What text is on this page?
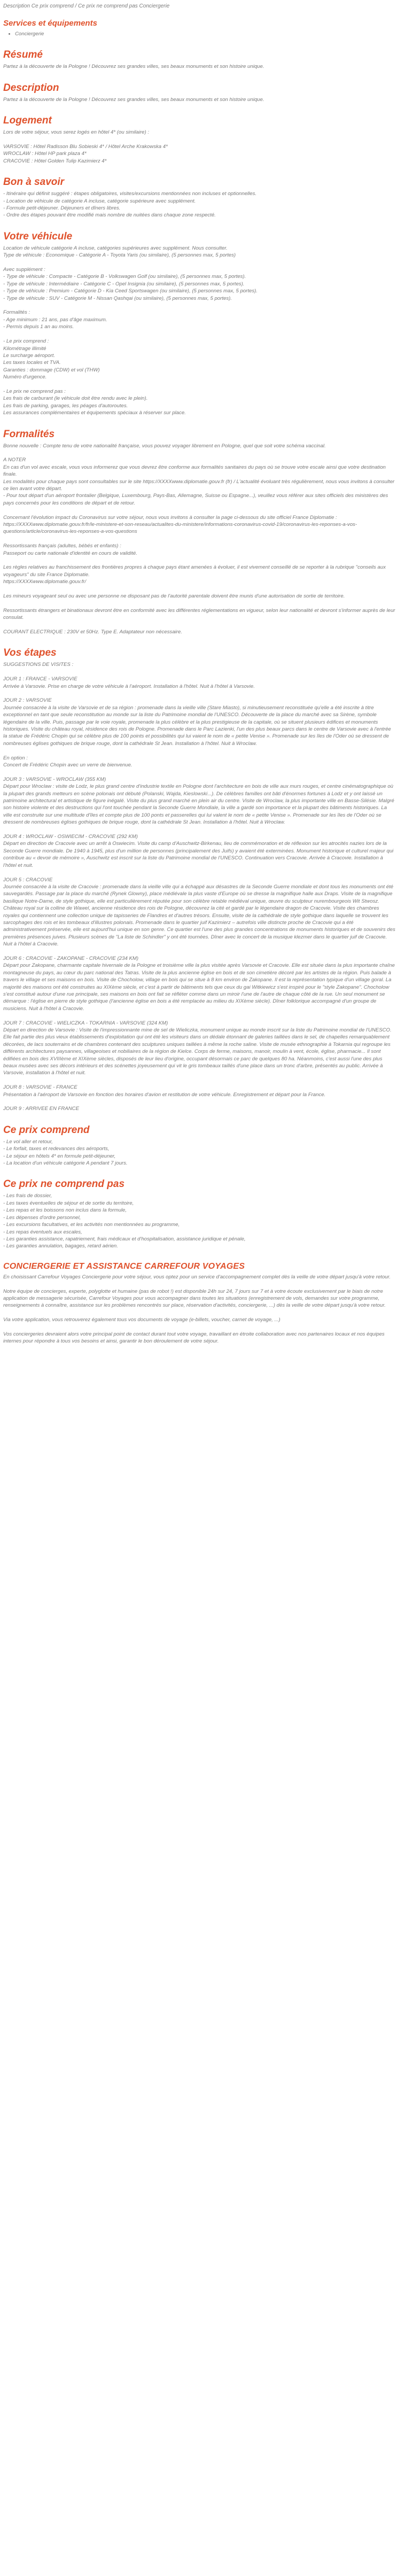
Description Ce prix comprend / Ce prix ne comprend pas Conciergerie
Services et équipements
• Conciergerie
Résumé

Partez à la découverte de la Pologne ! Découvrez ses grandes villes, ses beaux monuments et son histoire unique.

Description

Partez à la découverte de la Pologne ! Découvrez ses grandes villes, ses beaux monuments et son histoire unique.

Logement
Lors de votre séjour, vous serez logés en hôtel 4* (ou similaire) :
VARSOVIE : Hôtel Radisson Blu Sobieski 4* / Hôtel Arche Krakowska 4*
WROCLAW : Hôtel HP park plaza 4*
CRACOVIE : Hôtel Golden Tulip Kazimierz 4*
Bon à savoir
- Itinéraire qui définit suggéré : étapes obligatoires, visites/excursions mentionnées non incluses et optionnelles.
- Location de véhicule de catégorie A incluse, catégorie supérieure avec supplément.
- Formule petit-déjeuner. Déjeuners et dîners libres.
- Ordre des étapes pouvant être modifié mais nombre de nuitées dans chaque zone respecté.
Votre véhicule
Location de véhicule catégorie A incluse, catégories supérieures avec supplément. Nous consulter.
Type de véhicule : Economique - Catégorie A - Toyota Yaris (ou similaire), (5 personnes max, 5 portes)
Avec supplément :
- Type de véhicule : Compacte - Catégorie B - Volkswagen Golf (ou similaire), (5 personnes max, 5 portes).
- Type de véhicule : Intermédiaire - Catégorie C - Opel Insignia (ou similaire), (5 personnes max, 5 portes).
- Type de véhicule : Premium - Catégorie D - Kia Ceed Sportswagen (ou similaire), (5 personnes max, 5 portes).
- Type de véhicule : SUV - Catégorie M - Nissan Qashqai (ou similaire), (5 personnes max, 5 portes).
Formalités :
- Age minimum : 21 ans, pas d'âge maximum.
- Permis depuis 1 an au moins.
- Le prix comprend :
Kilométrage illimité
Le surcharge aéroport.
Les taxes locales et TVA.
Garanties : dommage (CDW) et vol (THW)
Numéro d'urgence.
- Le prix ne comprend pas :
Les frais de carburant (le véhicule doit être rendu avec le plein).
Les frais de parking, garages, les péages d'autoroutes.
Les assurances complémentaires et équipements spéciaux à réserver sur place.
Formalités
Bonne nouvelle : Compte tenu de votre nationalité française, vous pouvez voyager librement en Pologne, quel que soit votre schéma vaccinal.
A NOTER
En cas d'un vol avec escale, vous vous informerez que vous devrez être conforme aux formalités sanitaires du pays où se trouve votre escale ainsi que votre destination finale.
Les modalités pour chaque pays sont consultables sur le site https://XXXXwww.diplomatie.gouv.fr (fr) / L'actualité évoluant très régulièrement, nous vous invitons à consulter ce lien avant votre départ.
- Pour tout départ d'un aéroport frontalier (Belgique, Luxembourg, Pays-Bas, Allemagne, Suisse ou Espagne...), veuillez vous référer aux sites officiels des ministères des pays concernés pour les conditions de départ et de retour.
Concernant l'évolution impact du Coronavirus sur votre séjour, nous vous invitons à consulter la page ci-dessous du site officiel France Diplomatie :
https://XXXXwww.diplomatie.gouv.fr/fr/le-ministere-et-son-reseau/actualites-du-ministere/informations-coronavirus-covid-19/coronavirus-les-reponses-a-vos-questions/article/coronavirus-les-reponses-a-vos-questions
Ressortissants français (adultes, bébés et enfants) :
Passeport ou carte nationale d'identité en cours de validité.
Les règles relatives au franchissement des frontières propres à chaque pays étant amenées à évoluer, il est vivement conseillé de se reporter à la rubrique "conseils aux voyageurs" du site France Diplomatie.
https://XXXXwww.diplomatie.gouv.fr/
Les mineurs voyageant seul ou avec une personne ne disposant pas de l'autorité parentale doivent être munis d'une autorisation de sortie de territoire.
Ressortissants étrangers et binationaux devront être en conformité avec les différentes réglementations en vigueur, selon leur nationalité et devront s'informer auprès de leur consulat.
COURANT ELECTRIQUE : 230V et 50Hz. Type E. Adaptateur non nécessaire.
Vos étapes
SUGGESTIONS DE VISITES :
JOUR 1 : FRANCE - VARSOVIE
Arrivée à Varsovie. Prise en charge de votre véhicule à l'aéroport. Installation à l'hôtel. Nuit à l'hôtel à Varsovie.
JOUR 2 : VARSOVIE
Journée consacrée à la visite de Varsovie et de sa région : promenade dans la vieille ville (Stare Miasto), si minutieusement reconstituée qu'elle a été inscrite à titre exceptionnel en tant que seule reconstitution au monde sur la liste du Patrimoine mondial de l'UNESCO. Découverte de la place du marché avec sa Sirène, symbole légendaire de la ville. Puis, passage par le voie royale, promenade la plus célèbre et la plus prestigieuse de la capitale, où se situent plusieurs édifices et monuments historiques. Visite du château royal, résidence des rois de Pologne. Promenade dans le Parc Lazienki, l'un des plus beaux parcs dans le centre de Varsovie avec à l'entrée la statue de Frédéric Chopin qui se célèbre plus de 100 points et possibilités qui lui vaient le nom de « petite Venise ». Promenade sur les îles de l'Oder où se dressent de nombreuses églises gothiques de brique rouge, dont la cathédrale St Jean. Installation à l'hôtel. Nuit à Wroclaw.
En option :
Concert de Frédéric Chopin avec un verre de bienvenue.
JOUR 3 : VARSOVIE - WROCLAW (355 KM)
Départ pour Wroclaw : visite de Lodz, le plus grand centre d'industrie textile en Pologne dont l'architecture en bois de ville aux murs rouges, et centre cinématographique où la plupart des grands metteurs en scène polonais ont débuté (Polanski, Wajda, Kieslowski...). De célèbres familles ont bâti d'énormes fortunes à Lodz et y ont laissé un patrimoine architectural et artistique de figure inégalé. Visite du plus grand marché en plein air du centre. Visite de Wroclaw, la plus importante ville en Basse-Silésie. Malgré son histoire violente et des destructions qui l'ont touchée pendant la Seconde Guerre Mondiale, la ville a gardé son importance et la plupart des bâtiments historiques. La ville est construite sur une multitude d'îles et compte plus de 100 ponts et passerelles qui lui valent le nom de « petite Venise ». Promenade sur les îles de l'Oder où se dressent de nombreuses églises gothiques de brique rouge, dont la cathédrale St Jean. Installation à l'hôtel. Nuit à Wroclaw.
JOUR 4 : WROCLAW - OSWIECIM - CRACOVIE (292 KM)
Départ en direction de Cracovie avec un arrêt à Oswiecim. Visite du camp d'Auschwitz-Birkenau, lieu de commémoration et de réflexion sur les atrocités nazies lors de la Seconde Guerre mondiale. De 1940 à 1945, plus d'un million de personnes (principalement des Juifs) y avaient été exterminées. Monument historique et culturel majeur qui contribue au « devoir de mémoire », Auschwitz est inscrit sur la liste du Patrimoine mondial de l'UNESCO. Continuation vers Cracovie. Arrivée à Cracovie. Installation à l'hôtel et nuit.
JOUR 5 : CRACOVIE
Journée consacrée à la visite de Cracovie : promenade dans la vieille ville qui a échappé aux désastres de la Seconde Guerre mondiale et dont tous les monuments ont été sauvegardés. Passage par la place du marché (Rynek Glowny), place médiévale la plus vaste d'Europe où se dresse la magnifique halle aux Draps. Visite de la magnifique basilique Notre-Dame, de style gothique, elle est particulièrement réputée pour son célèbre retable médiéval unique, œuvre du sculpteur nurembourgeois Wit Stwosz. Château royal sur la colline de Wawel, ancienne résidence des rois de Pologne, découvrez la cité et gardé par le légendaire dragon de Cracovie. Visite des chambres royales qui contiennent une collection unique de tapisseries de Flandres et d'autres trésors. Ensuite, visite de la cathédrale de style gothique dans laquelle se trouvent les sarcophages des rois et les tombeaux d'illustres polonais. Promenade dans le quartier juif Kazimierz – autrefois ville distincte proche de Cracovie qui a été administrativement préservée, elle est aujourd'hui unique en son genre. Ce quartier est l'une des plus grandes concentrations de monuments historiques et de souvenirs des premières présences juives. Plusieurs scènes de "La liste de Schindler" y ont été tournées. Dîner avec le concert de la musique klezmer dans le quartier juif de Cracovie. Nuit à l'hôtel à Cracovie.
JOUR 6 : CRACOVIE - ZAKOPANE - CRACOVIE (234 KM)
Départ pour Zakopane, charmante capitale hivernale de la Pologne et troisième ville la plus visitée après Varsovie et Cracovie. Elle est située dans la plus importante chaîne montagneuse du pays, au cœur du parc national des Tatras. Visite de la plus ancienne église en bois et de son cimetière décoré par les artistes de la région. Puis balade à travers le village et ses maisons en bois. Visite de Chocholow, village en bois qui se situe à 8 km environ de Zakopane. Il est la représentation typique d'un village goral. La majorité des maisons ont été construites au XIXème siècle, et c'est à partir de bâtiments tels que ceux du gai Witkiewicz s'est inspiré pour le "style Zakopane". Chocholow s'est constitué autour d'une rue principale, ses maisons en bois ont fait se réfléter comme dans un miroir l'une de l'autre de chaque côté de la rue. Un seul monument se démarque : l'église en pierre de style gothique (l'ancienne église en bois a été remplacée au milieu du XIXème siècle). Dîner folklorique accompagné d'un groupe de musiciens. Nuit à l'hôtel à Cracovie.
JOUR 7 : CRACOVIE - WIELICZKA - TOKARNIA - VARSOVIE (324 KM)
Départ en direction de Varsovie : Visite de l'impressionnante mine de sel de Wieliczka, monument unique au monde inscrit sur la liste du Patrimoine mondial de l'UNESCO. Elle fait partie des plus vieux établissements d'exploitation qui ont été les visiteurs dans un dédale étonnant de galeries taillées dans le sel, de chapelles remarquablement décorées, de lacs souterrains et de chambres contenant des sculptures uniques taillées à même la roche saline. Visite de musée ethnographie à Tokarnia qui regroupe les différents architectures paysannes, villageoises et nobiliaires de la région de Kielce. Corps de ferme, maisons, manoir, moulin à vent, école, église, pharmacie... Il sont édifiées en bois des XVIIIème et XIXème siècles, disposés de leur lieu d'origine, occupant désormais ce parc de quelques 80 ha. Néanmoins, c'est aussi l'une des plus beaux musées avec ses décors intérieurs et des scénettes joyeusement qui vit le gris tombeaux taillés d'une place dans un tronc d'arbre, présentés au public. Arrivée à Varsovie, installation à l'hôtel et nuit.
JOUR 8 : VARSOVIE - FRANCE
Présentation à l'aéroport de Varsovie en fonction des horaires d'avion et restitution de votre véhicule. Enregistrement et départ pour la France.
JOUR 9 : ARRIVEE EN FRANCE
Ce prix comprend
- Le vol aller et retour,
- Le forfait, taxes et redevances des aéroports,
- Le séjour en hôtels 4* en formule petit-déjeuner,
- La location d'un véhicule catégorie A pendant 7 jours.
Ce prix ne comprend pas
- Les frais de dossier,
- Les taxes éventuelles de séjour et de sortie du territoire,
- Les repas et les boissons non inclus dans la formule,
- Les dépenses d'ordre personnel,
- Les excursions facultatives, et les activités non mentionnées au programme,
- Les repas éventuels aux escales,
- Les garanties assistance, rapatriement, frais médicaux et d'hospitalisation, assistance juridique et pénale,
- Les garanties annulation, bagages, retard aérien.
CONCIERGERIE ET ASSISTANCE CARREFOUR VOYAGES
En choisissant Carrefour Voyages Conciergerie pour votre séjour, vous optez pour un service d'accompagnement complet dès la veille de votre départ jusqu'à votre retour.
Notre équipe de concierges, experte, polyglotte et humaine (pas de robot !) est disponible 24h sur 24, 7 jours sur 7 et à votre écoute exclusivement par le biais de notre application de messagerie sécurisée, Carrefour Voyages pour vous accompagner dans toutes les situations (enregistrement de vols, demandes sur votre programme, renseignements à connaître, assistance sur les problèmes rencontrés sur place, réservation d'activités, conciergerie, ...) dès la veille de votre départ jusqu'à votre retour.
Via votre application, vous retrouverez également tous vos documents de voyage (e-billets, voucher, carnet de voyage, ...)
Vos conciergeries devraient alors votre principal point de contact durant tout votre voyage, travaillant en étroite collaboration avec nos partenaires locaux et nos équipes internes pour répondre à tous vos besoins et ainsi, garantir le bon déroulement de votre séjour.
